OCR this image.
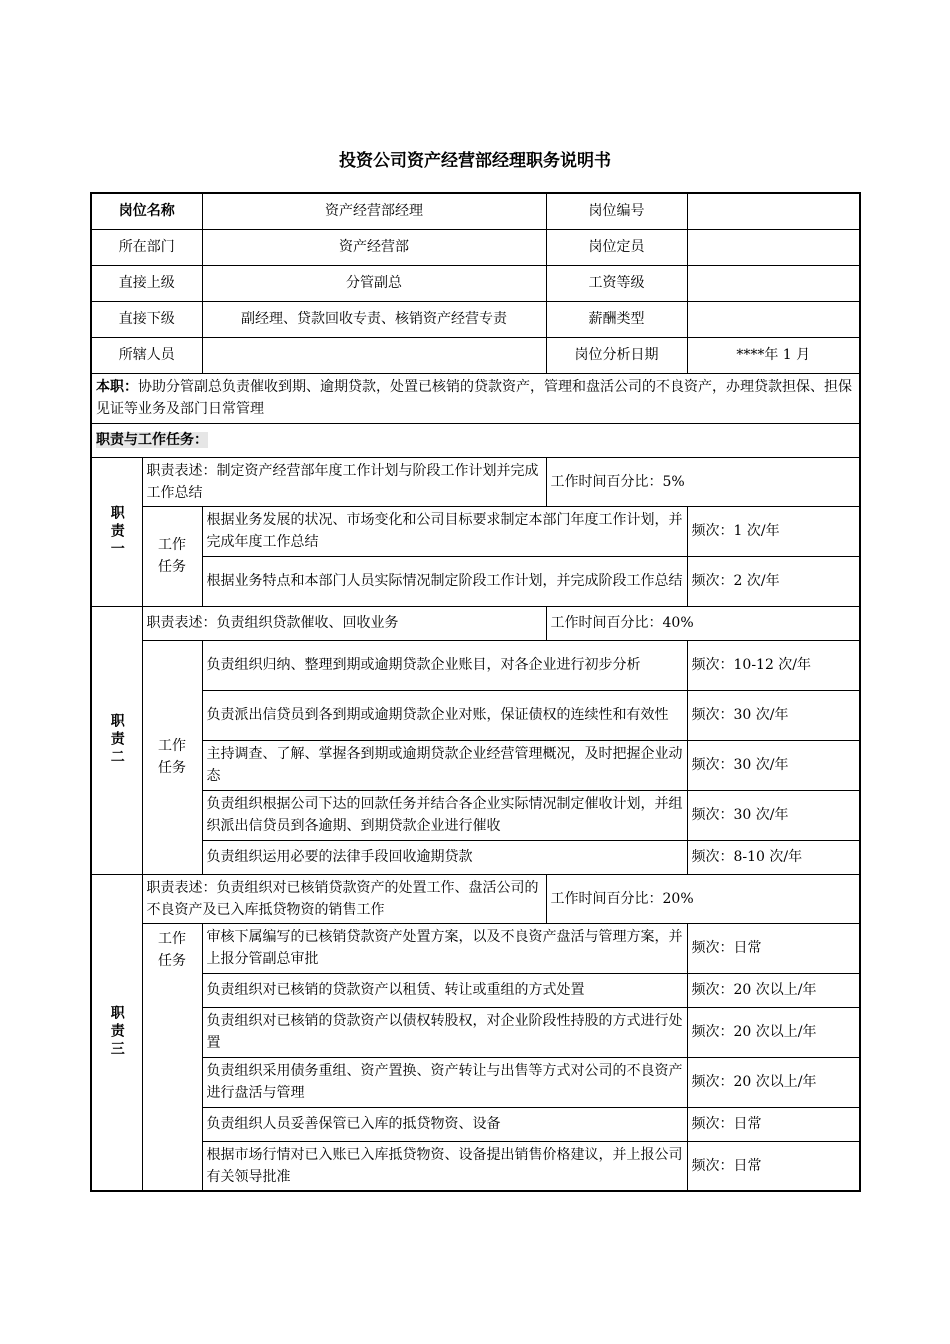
投资公司资产经营部经理职务说明书
岗位名称		资产经营部经理	岗位编号	
所在部门		资产经营部	岗位定员	
直接上级		分管副总	工资等级	
直接下级		副经理、贷款回收专责、核销资产经营专责	薪酬类型	
所辖人员			岗位分析日期	****年 1 月
本职：协助分管副总负责催收到期、逾期贷款，处置已核销的贷款资产，管理和盘活公司的不良资产，办理贷款担保、担保见证等业务及部门日常管理				
职责与工作任务：				
职责一	职责表述：制定资产经营部年度工作计划与阶段工作计划并完成工作总结		工作时间百分比：5%	
	工作任务	根据业务发展的状况、市场变化和公司目标要求制定本部门年度工作计划，并完成年度工作总结		频次：1 次/年
		根据业务特点和本部门人员实际情况制定阶段工作计划，并完成阶段工作总结		频次：2 次/年
职责二	职责表述：负责组织贷款催收、回收业务		工作时间百分比：40%	
	工作任务	负责组织归纳、整理到期或逾期贷款企业账目，对各企业进行初步分析		频次：10-12 次/年
		负责派出信贷员到各到期或逾期贷款企业对账，保证债权的连续性和有效性		频次：30 次/年
		主持调查、了解、掌握各到期或逾期贷款企业经营管理概况，及时把握企业动态		频次：30 次/年
		负责组织根据公司下达的回款任务并结合各企业实际情况制定催收计划，并组织派出信贷员到各逾期、到期贷款企业进行催收		频次：30 次/年
		负责组织运用必要的法律手段回收逾期贷款		频次：8-10 次/年
职责三	职责表述：负责组织对已核销贷款资产的处置工作、盘活公司的不良资产及已入库抵贷物资的销售工作		工作时间百分比：20%	
	工作任务	审核下属编写的已核销贷款资产处置方案，以及不良资产盘活与管理方案，并上报分管副总审批		频次：日常
		负责组织对已核销的贷款资产以租赁、转让或重组的方式处置		频次：20 次以上/年
		负责组织对已核销的贷款资产以债权转股权，对企业阶段性持股的方式进行处置		频次：20 次以上/年
		负责组织采用债务重组、资产置换、资产转让与出售等方式对公司的不良资产进行盘活与管理		频次：20 次以上/年
		负责组织人员妥善保管已入库的抵贷物资、设备		频次：日常
		根据市场行情对已入账已入库抵贷物资、设备提出销售价格建议，并上报公司有关领导批准		频次：日常
